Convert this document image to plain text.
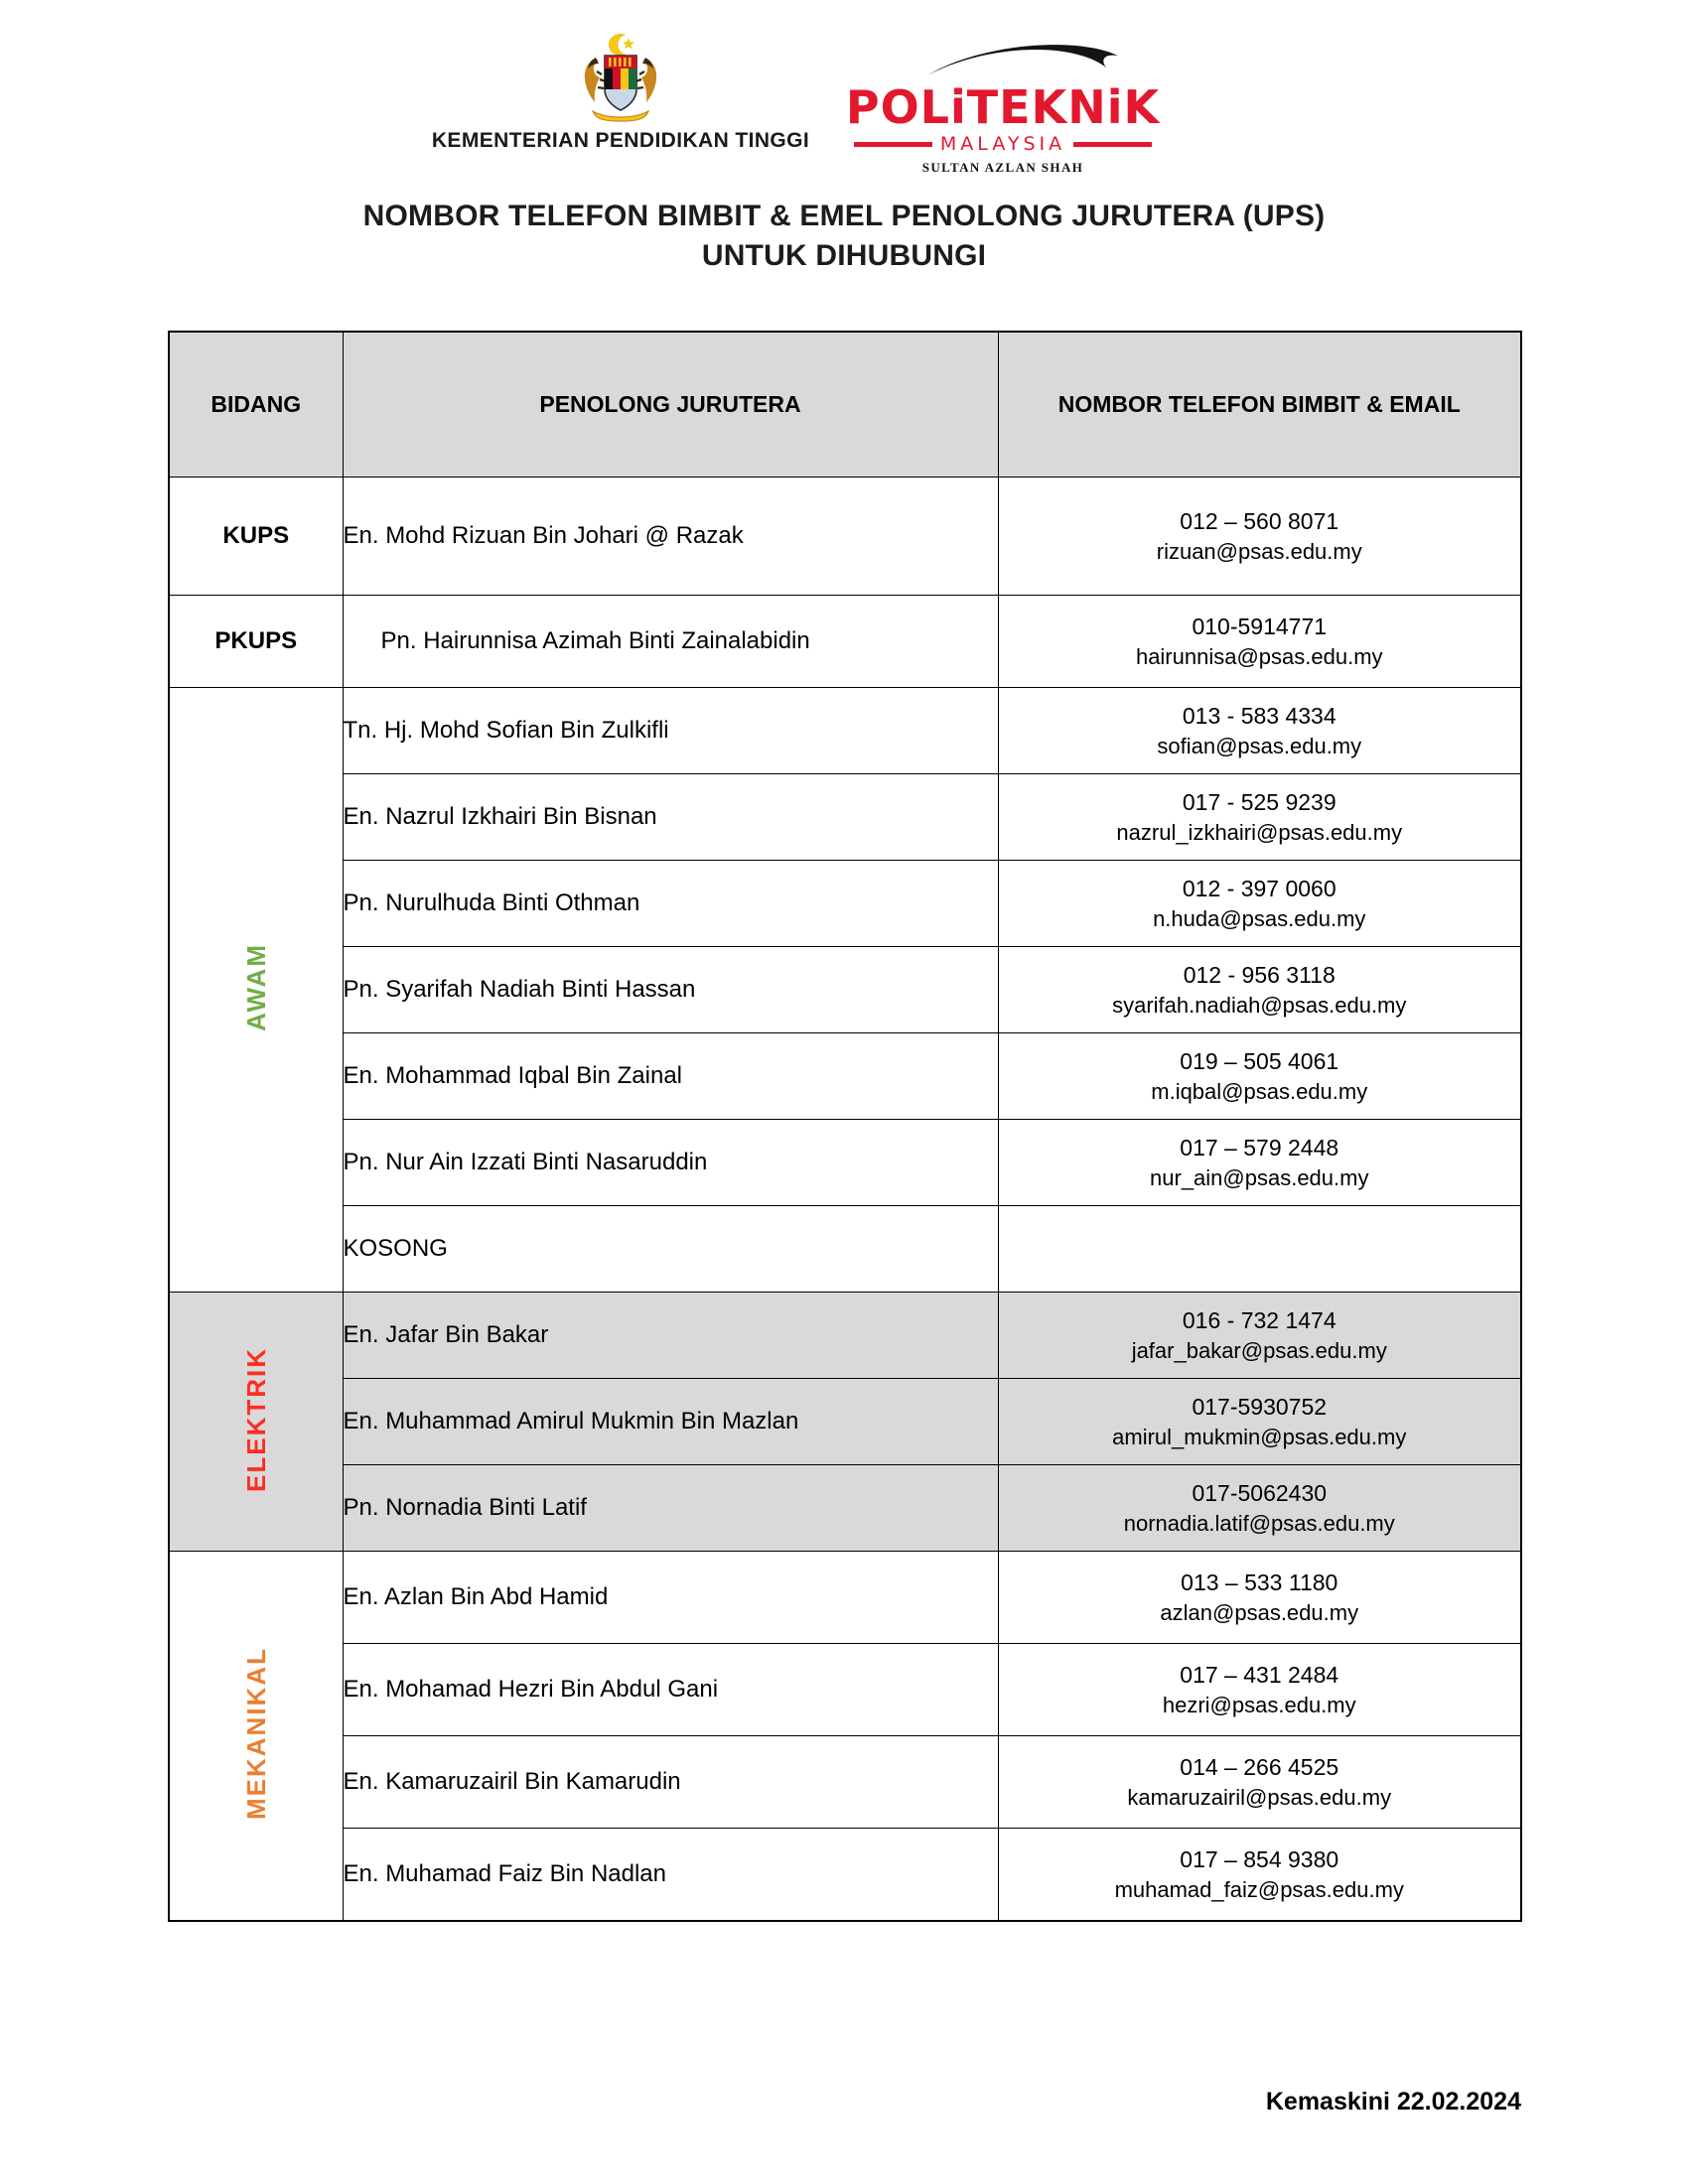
KEMENTERIAN PENDIDIKAN TINGGI
POLiTEKNiK
MALAYSIA
SULTAN AZLAN SHAH
NOMBOR TELEFON BIMBIT & EMEL PENOLONG JURUTERA (UPS)
UNTUK DIHUBUNGI
BIDANG	PENOLONG JURUTERA	NOMBOR TELEFON BIMBIT & EMAIL
KUPS	En. Mohd Rizuan Bin Johari @ Razak	012 – 560 8071
rizuan@psas.edu.my

PKUPS	Pn. Hairunnisa Azimah Binti Zainalabidin	010-5914771
hairunnisa@psas.edu.my

AWAM	Tn. Hj. Mohd Sofian Bin Zulkifli	013 - 583 4334
sofian@psas.edu.my

	En. Nazrul Izkhairi Bin Bisnan	017 - 525 9239
nazrul_izkhairi@psas.edu.my

	Pn. Nurulhuda Binti Othman	012 - 397 0060
n.huda@psas.edu.my

	Pn. Syarifah Nadiah Binti Hassan	012 - 956 3118
syarifah.nadiah@psas.edu.my

	En. Mohammad Iqbal Bin Zainal	019 – 505 4061
m.iqbal@psas.edu.my

	Pn. Nur Ain Izzati Binti Nasaruddin	017 – 579 2448
nur_ain@psas.edu.my

	KOSONG	

ELEKTRIK	En. Jafar Bin Bakar	016 - 732 1474
jafar_bakar@psas.edu.my

	En. Muhammad Amirul Mukmin Bin Mazlan	017-5930752
amirul_mukmin@psas.edu.my

	Pn. Nornadia Binti Latif	017-5062430
nornadia.latif@psas.edu.my

MEKANIKAL	En. Azlan Bin Abd Hamid	013 – 533 1180
azlan@psas.edu.my

	En. Mohamad Hezri Bin Abdul Gani	017 – 431 2484
hezri@psas.edu.my

	En. Kamaruzairil Bin Kamarudin	014 – 266 4525
kamaruzairil@psas.edu.my

	En. Muhamad Faiz Bin Nadlan	017 – 854 9380
muhamad_faiz@psas.edu.my
Kemaskini 22.02.2024
